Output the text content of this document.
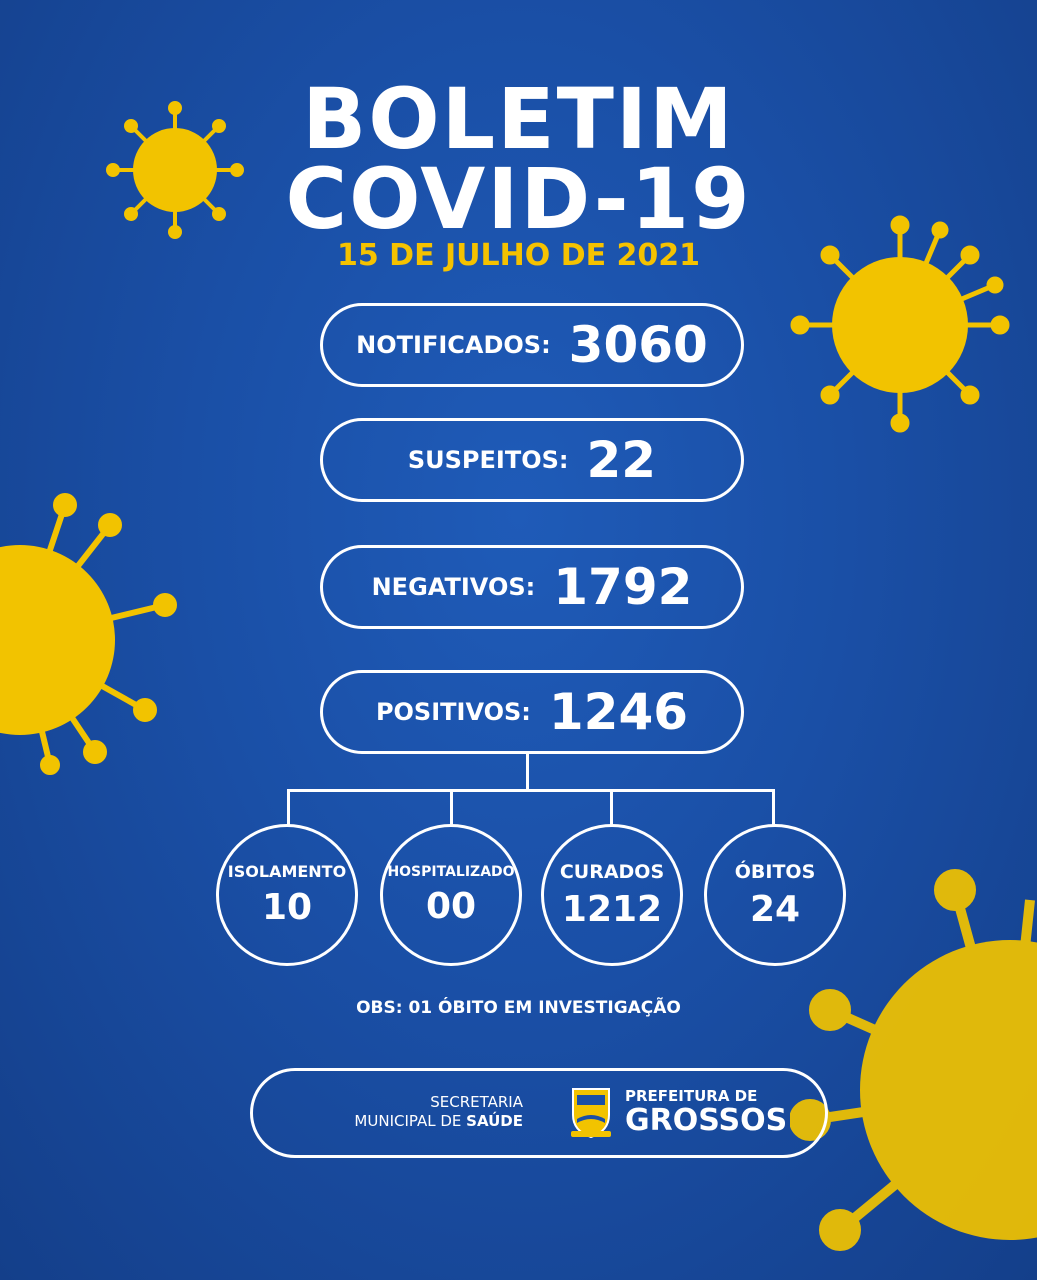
BOLETIM
COVID-19
15 DE JULHO DE 2021
NOTIFICADOS: 3060
SUSPEITOS: 22
NEGATIVOS: 1792
POSITIVOS: 1246
ISOLAMENTO
10
HOSPITALIZADO
00
CURADOS
1212
ÓBITOS
24
OBS: 01 ÓBITO EM INVESTIGAÇÃO
SECRETARIA
MUNICIPAL DE SAÚDE
PREFEITURA DE
GROSSOS
